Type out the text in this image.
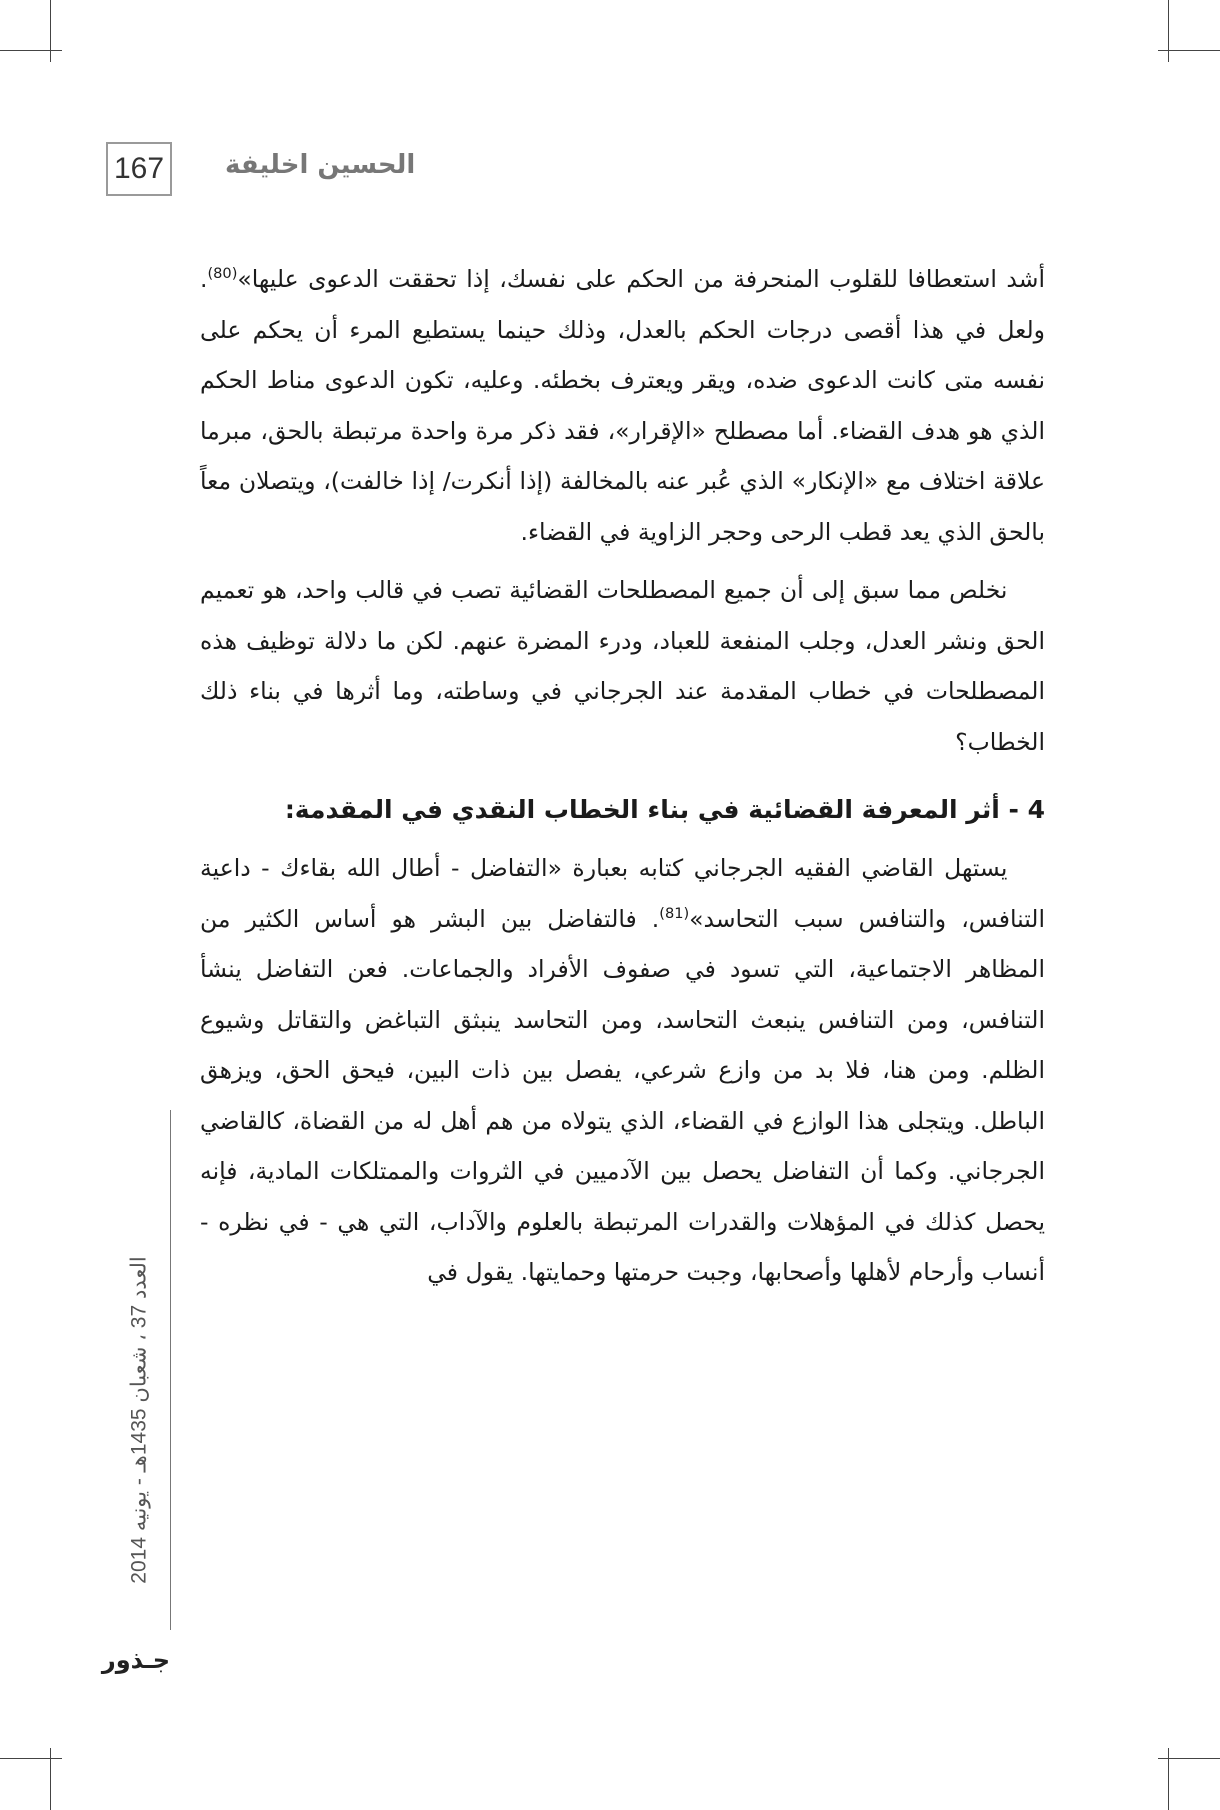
167	الحسين اخليفة

أشد استعطافا للقلوب المنحرفة من الحكم على نفسك، إذا تحققت الدعوى عليها»$^{(80)}$. ولعل في هذا أقصى درجات الحكم بالعدل، وذلك حينما يستطيع المرء أن يحكم على نفسه متى كانت الدعوى ضده، ويقر ويعترف بخطئه. وعليه، تكون الدعوى مناط الحكم الذي هو هدف القضاء. أما مصطلح «الإقرار»، فقد ذكر مرة واحدة مرتبطة بالحق، مبرما علاقة اختلاف مع «الإنكار» الذي عُبر عنه بالمخالفة (إذا أنكرت/ إذا خالفت)، ويتصلان معاً بالحق الذي يعد قطب الرحى وحجر الزاوية في القضاء.

نخلص مما سبق إلى أن جميع المصطلحات القضائية تصب في قالب واحد، هو تعميم الحق ونشر العدل، وجلب المنفعة للعباد، ودرء المضرة عنهم. لكن ما دلالة توظيف هذه المصطلحات في خطاب المقدمة عند الجرجاني في وساطته، وما أثرها في بناء ذلك الخطاب؟

4 - أثر المعرفة القضائية في بناء الخطاب النقدي في المقدمة:

يستهل القاضي الفقيه الجرجاني كتابه بعبارة «التفاضل - أطال الله بقاءك - داعية التنافس، والتنافس سبب التحاسد»$^{(81)}$. فالتفاضل بين البشر هو أساس الكثير من المظاهر الاجتماعية، التي تسود في صفوف الأفراد والجماعات. فعن التفاضل ينشأ التنافس، ومن التنافس ينبعث التحاسد، ومن التحاسد ينبثق التباغض والتقاتل وشيوع الظلم. ومن هنا، فلا بد من وازع شرعي، يفصل بين ذات البين، فيحق الحق، ويزهق الباطل. ويتجلى هذا الوازع في القضاء، الذي يتولاه من هم أهل له من القضاة، كالقاضي الجرجاني. وكما أن التفاضل يحصل بين الآدميين في الثروات والممتلكات المادية، فإنه يحصل كذلك في المؤهلات والقدرات المرتبطة بالعلوم والآداب، التي هي - في نظره - أنساب وأرحام لأهلها وأصحابها، وجبت حرمتها وحمايتها. يقول في

العدد 37 ، شعبان 1435هـ - يونيه 2014
جـذور
